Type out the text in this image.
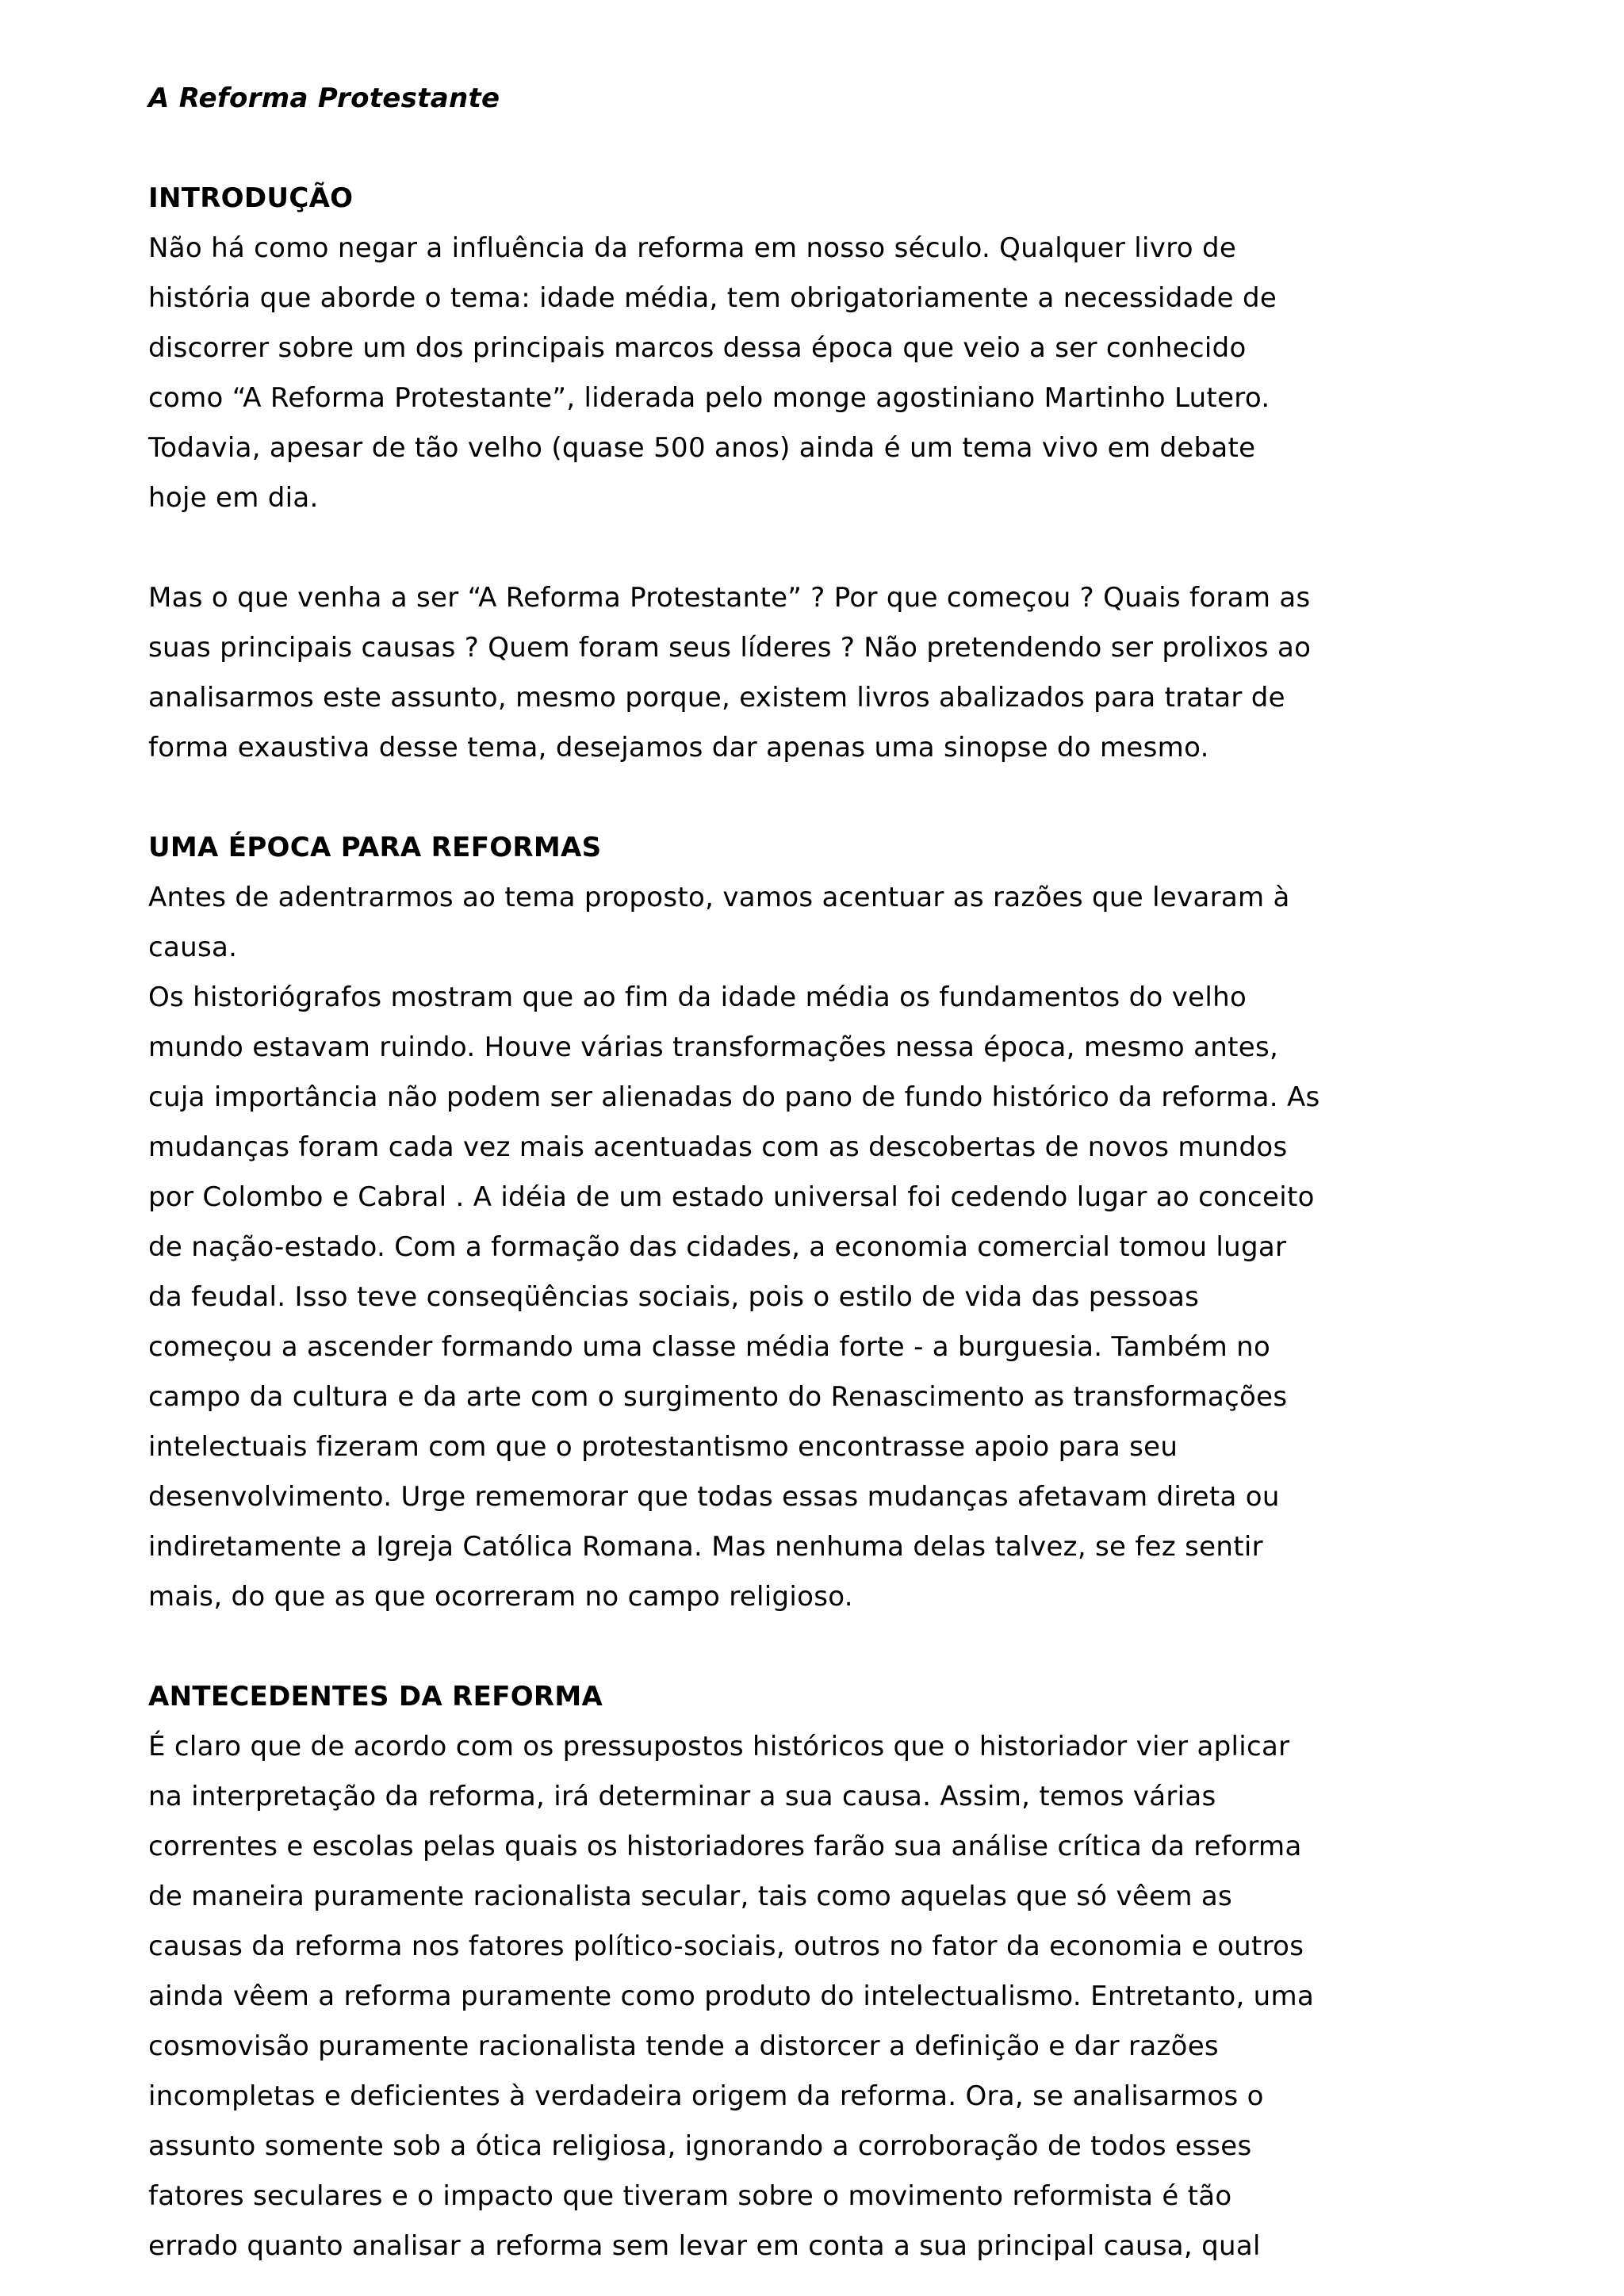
A Reforma Protestante
INTRODUÇÃO

Não há como negar a influência da reforma em nosso século. Qualquer livro de
história que aborde o tema: idade média, tem obrigatoriamente a necessidade de
discorrer sobre um dos principais marcos dessa época que veio a ser conhecido
como “A Reforma Protestante”, liderada pelo monge agostiniano Martinho Lutero.
Todavia, apesar de tão velho (quase 500 anos) ainda é um tema vivo em debate
hoje em dia.

Mas o que venha a ser “A Reforma Protestante” ? Por que começou ? Quais foram as
suas principais causas ? Quem foram seus líderes ? Não pretendendo ser prolixos ao
analisarmos este assunto, mesmo porque, existem livros abalizados para tratar de
forma exaustiva desse tema, desejamos dar apenas uma sinopse do mesmo.

UMA ÉPOCA PARA REFORMAS

Antes de adentrarmos ao tema proposto, vamos acentuar as razões que levaram à
causa.

Os historiógrafos mostram que ao fim da idade média os fundamentos do velho
mundo estavam ruindo. Houve várias transformações nessa época, mesmo antes,
cuja importância não podem ser alienadas do pano de fundo histórico da reforma. As
mudanças foram cada vez mais acentuadas com as descobertas de novos mundos
por Colombo e Cabral . A idéia de um estado universal foi cedendo lugar ao conceito
de nação-estado. Com a formação das cidades, a economia comercial tomou lugar
da feudal. Isso teve conseqüências sociais, pois o estilo de vida das pessoas
começou a ascender formando uma classe média forte - a burguesia. Também no
campo da cultura e da arte com o surgimento do Renascimento as transformações
intelectuais fizeram com que o protestantismo encontrasse apoio para seu
desenvolvimento. Urge rememorar que todas essas mudanças afetavam direta ou
indiretamente a Igreja Católica Romana. Mas nenhuma delas talvez, se fez sentir
mais, do que as que ocorreram no campo religioso.

ANTECEDENTES DA REFORMA

É claro que de acordo com os pressupostos históricos que o historiador vier aplicar
na interpretação da reforma, irá determinar a sua causa. Assim, temos várias
correntes e escolas pelas quais os historiadores farão sua análise crítica da reforma
de maneira puramente racionalista secular, tais como aquelas que só vêem as
causas da reforma nos fatores político-sociais, outros no fator da economia e outros
ainda vêem a reforma puramente como produto do intelectualismo. Entretanto, uma
cosmovisão puramente racionalista tende a distorcer a definição e dar razões
incompletas e deficientes à verdadeira origem da reforma. Ora, se analisarmos o
assunto somente sob a ótica religiosa, ignorando a corroboração de todos esses
fatores seculares e o impacto que tiveram sobre o movimento reformista é tão
errado quanto analisar a reforma sem levar em conta a sua principal causa, qual
